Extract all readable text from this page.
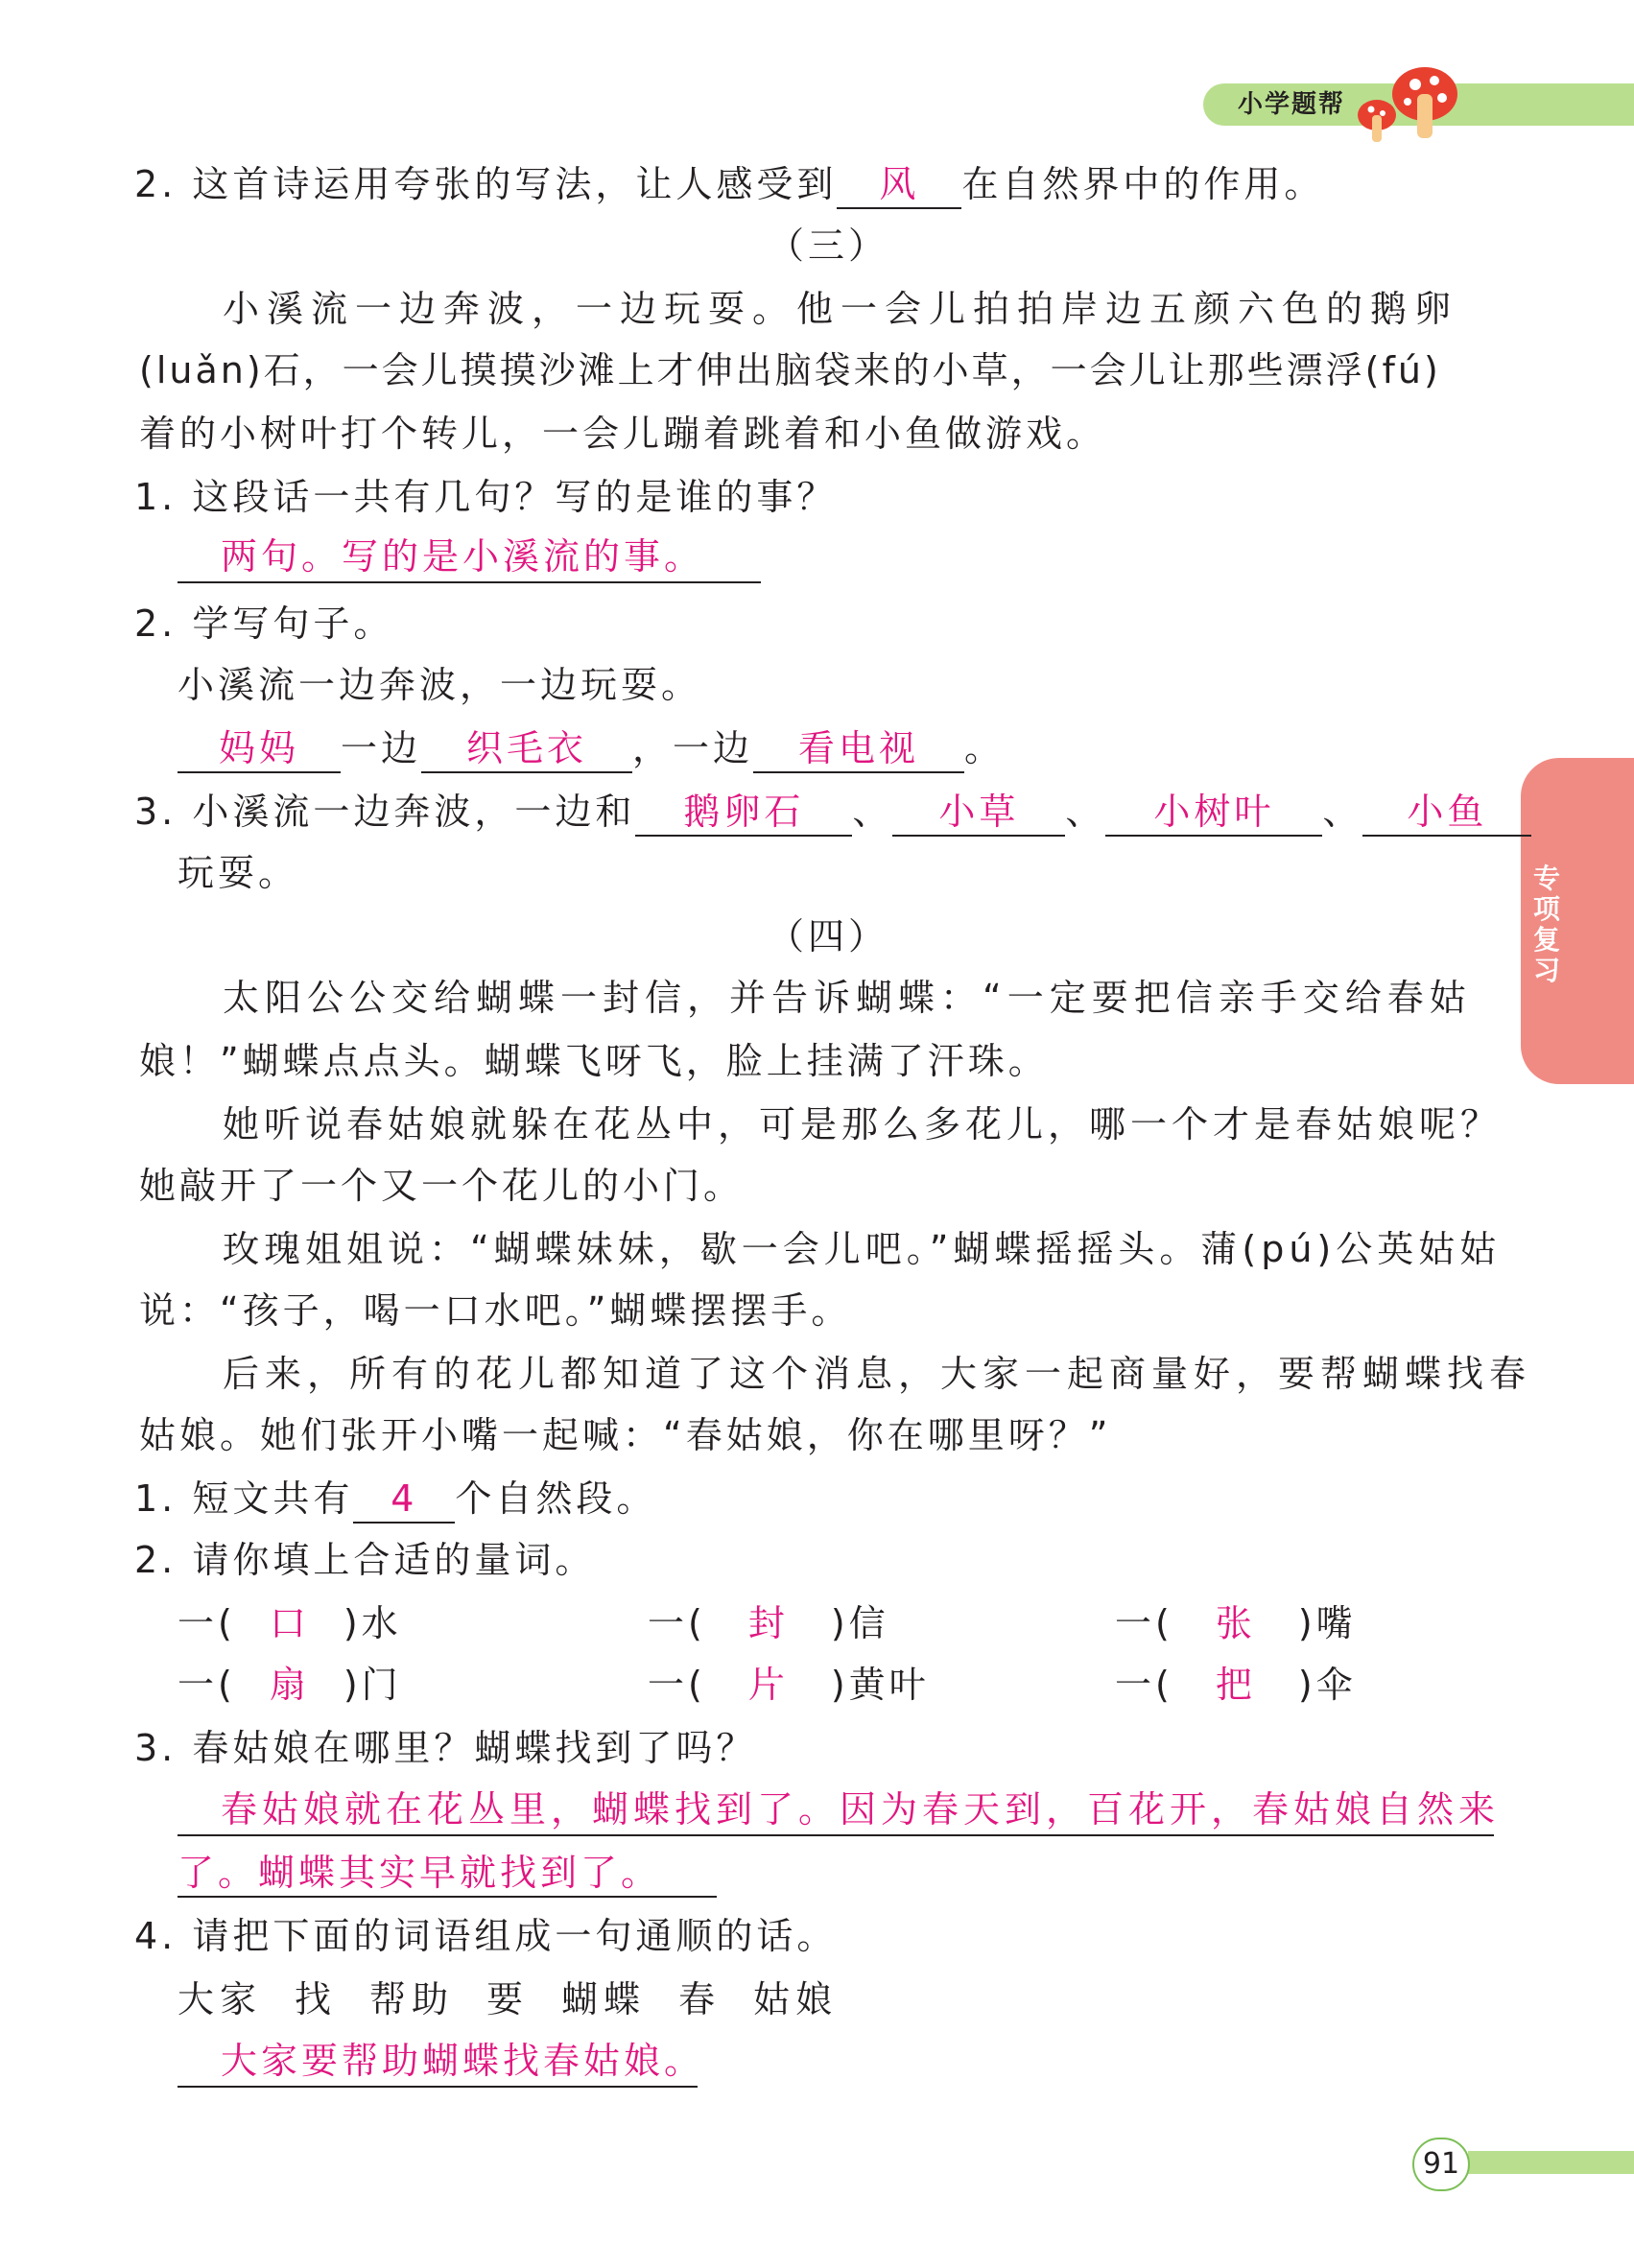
小学题帮
专项复习
2. 这首诗运用夸张的写法，让人感受到 风 在自然界中的作用。
（三）
小溪流一边奔波，一边玩耍。他一会儿拍拍岸边五颜六色的鹅卵
(luǎn)石，一会儿摸摸沙滩上才伸出脑袋来的小草，一会儿让那些漂浮(fú)
着的小树叶打个转儿，一会儿蹦着跳着和小鱼做游戏。
1. 这段话一共有几句？写的是谁的事？
两句。写的是小溪流的事。
2. 学写句子。
小溪流一边奔波，一边玩耍。
妈妈 一边 织毛衣 ，一边 看电视 。
3. 小溪流一边奔波，一边和 鹅卵石 、 小草 、 小树叶 、 小鱼
玩耍。
（四）
太阳公公交给蝴蝶一封信，并告诉蝴蝶：“一定要把信亲手交给春姑
娘！”蝴蝶点点头。蝴蝶飞呀飞，脸上挂满了汗珠。
她听说春姑娘就躲在花丛中，可是那么多花儿，哪一个才是春姑娘呢？
她敲开了一个又一个花儿的小门。
玫瑰姐姐说：“蝴蝶妹妹，歇一会儿吧。”蝴蝶摇摇头。蒲(pú)公英姑姑
说：“孩子，喝一口水吧。”蝴蝶摆摆手。
后来，所有的花儿都知道了这个消息，大家一起商量好，要帮蝴蝶找春
姑娘。她们张开小嘴一起喊：“春姑娘，你在哪里呀？”
1. 短文共有 4 个自然段。
2. 请你填上合适的量词。
一( 口 )水	一( 封 )信	一( 张 )嘴
一( 扇 )门	一( 片 )黄叶	一( 把 )伞
3. 春姑娘在哪里？蝴蝶找到了吗？
春姑娘就在花丛里，蝴蝶找到了。因为春天到，百花开，春姑娘自然来
了。蝴蝶其实早就找到了。
4. 请把下面的词语组成一句通顺的话。
大家 找 帮助 要 蝴蝶 春 姑娘
大家要帮助蝴蝶找春姑娘。
91
